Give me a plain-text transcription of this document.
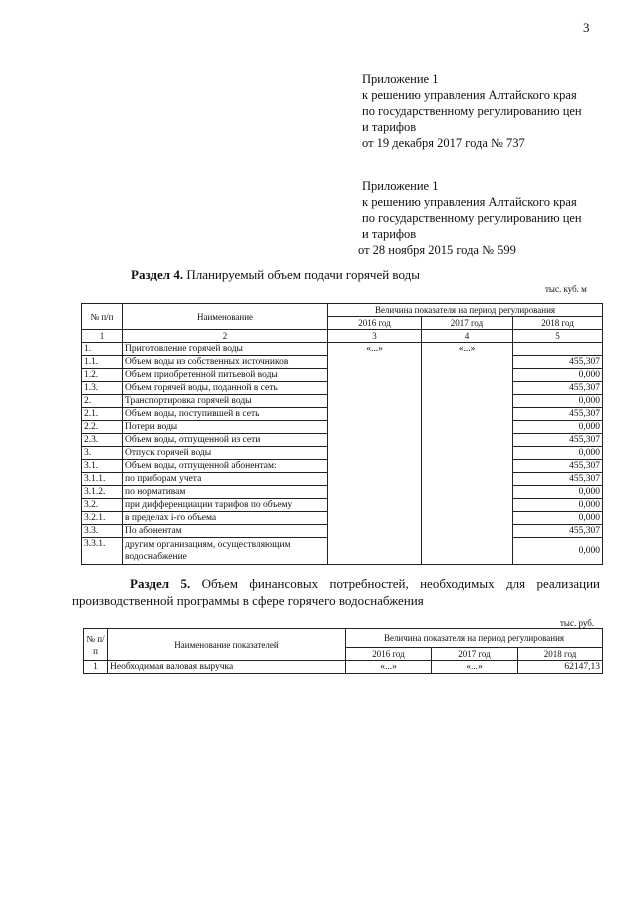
3
Приложение 1
к решению управления Алтайского края
по государственному регулированию цен
и тарифов
от 19 декабря 2017 года № 737
Приложение 1
к решению управления Алтайского края
по государственному регулированию цен
и тарифов
от 28 ноября 2015 года № 599
Раздел 4. Планируемый объем подачи горячей воды
тыс. куб. м
№ п/п	Наименование	Величина показателя на период регулирования		
		2016 год	2017 год	2018 год
1	2	3	4	5
1.	Приготовление горячей воды	«...»	«...»	
1.1.	Объем воды из собственных источников			455,307
1.2.	Объем приобретенной питьевой воды			0,000
1.3.	Объем горячей воды, поданной в сеть			455,307
2.	Транспортировка горячей воды			0,000
2.1.	Объем воды, поступившей в сеть			455,307
2.2.	Потери воды			0,000
2.3.	Объем воды, отпущенной из сети			455,307
3.	Отпуск горячей воды			0,000
3.1.	Объем воды, отпущенной абонентам:			455,307
3.1.1.	по приборам учета			455,307
3.1.2.	по нормативам			0,000
3.2.	при дифференциации тарифов по объему			0,000
3.2.1.	в пределах i-го объема			0,000
3.3.	По абонентам			455,307
3.3.1.	другим организациям, осуществляющим водоснабжение			0,000
Раздел 5. Объем финансовых потребностей, необходимых для реализации производственной программы в сфере горячего водоснабжения
тыс. руб.
№ п/п	Наименование показателей	Величина показателя на период регулирования		
		2016 год	2017 год	2018 год
1	Необходимая валовая выручка	«...»	«...»	62147,13
